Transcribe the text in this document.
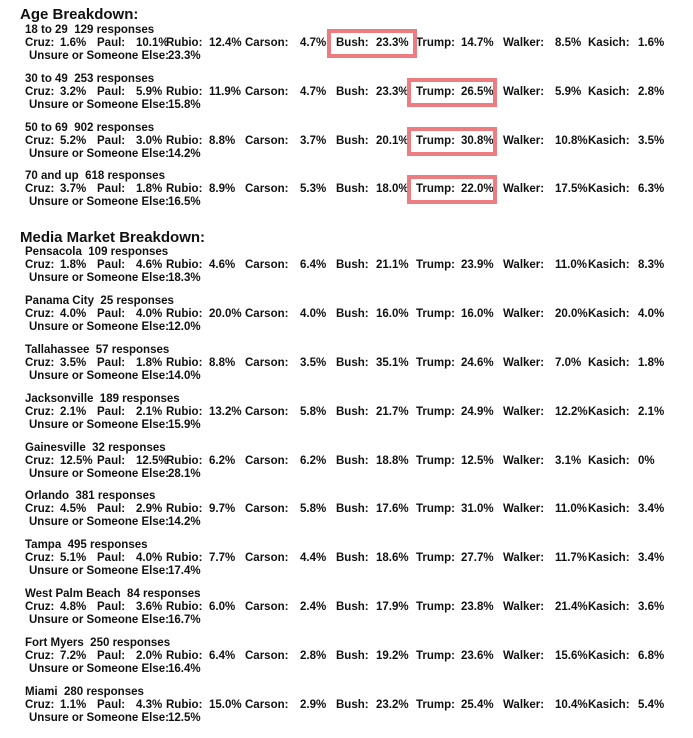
Age Breakdown:
18 to 29  129 responses
Cruz: 1.6% Paul: 10.1%
Rubio: 12.4% Carson: 4.7% Bush: 23.3% Trump: 14.7% Walker: 8.5% Kasich: 1.6%
Unsure or Someone Else: 23.3%
30 to 49  253 responses
Cruz: 3.2% Paul: 5.9% Rubio: 11.9% Carson: 4.7% Bush: 23.3% Trump: 26.5% Walker: 5.9% Kasich: 2.8%
Unsure or Someone Else: 15.8%
50 to 69  902 responses
Cruz: 5.2% Paul: 3.0% Rubio: 8.8% Carson: 3.7% Bush: 20.1% Trump: 30.8% Walker: 10.8% Kasich: 3.5%
Unsure or Someone Else: 14.2%
70 and up  618 responses
Cruz: 3.7% Paul: 1.8% Rubio: 8.9% Carson: 5.3% Bush: 18.0% Trump: 22.0% Walker: 17.5% Kasich: 6.3%
Unsure or Someone Else: 16.5%
Media Market Breakdown:
Pensacola  109 responses
Cruz: 1.8% Paul: 4.6% Rubio: 4.6% Carson: 6.4% Bush: 21.1% Trump: 23.9% Walker: 11.0% Kasich: 8.3%
Unsure or Someone Else: 18.3%
Panama City  25 responses
Cruz: 4.0% Paul: 4.0% Rubio: 20.0% Carson: 4.0% Bush: 16.0% Trump: 16.0% Walker: 20.0% Kasich: 4.0%
Unsure or Someone Else: 12.0%
Tallahassee  57 responses
Cruz: 3.5% Paul: 1.8% Rubio: 8.8% Carson: 3.5% Bush: 35.1% Trump: 24.6% Walker: 7.0% Kasich: 1.8%
Unsure or Someone Else: 14.0%
Jacksonville  189 responses
Cruz: 2.1% Paul: 2.1% Rubio: 13.2% Carson: 5.8% Bush: 21.7% Trump: 24.9% Walker: 12.2% Kasich: 2.1%
Unsure or Someone Else: 15.9%
Gainesville  32 responses
Cruz: 12.5% Paul: 12.5%
Rubio: 6.2% Carson: 6.2% Bush: 18.8% Trump: 12.5% Walker: 3.1% Kasich: 0%
Unsure or Someone Else: 28.1%
Orlando  381 responses
Cruz: 4.5% Paul: 2.9% Rubio: 9.7% Carson: 5.8% Bush: 17.6% Trump: 31.0% Walker: 11.0% Kasich: 3.4%
Unsure or Someone Else: 14.2%
Tampa  495 responses
Cruz: 5.1% Paul: 4.0% Rubio: 7.7% Carson: 4.4% Bush: 18.6% Trump: 27.7% Walker: 11.7% Kasich: 3.4%
Unsure or Someone Else: 17.4%
West Palm Beach  84 responses
Cruz: 4.8% Paul: 3.6% Rubio: 6.0% Carson: 2.4% Bush: 17.9% Trump: 23.8% Walker: 21.4% Kasich: 3.6%
Unsure or Someone Else: 16.7%
Fort Myers  250 responses
Cruz: 7.2% Paul: 2.0% Rubio: 6.4% Carson: 2.8% Bush: 19.2% Trump: 23.6% Walker: 15.6% Kasich: 6.8%
Unsure or Someone Else: 16.4%
Miami  280 responses
Cruz: 1.1% Paul: 4.3% Rubio: 15.0% Carson: 2.9% Bush: 23.2% Trump: 25.4% Walker: 10.4% Kasich: 5.4%
Unsure or Someone Else: 12.5%
